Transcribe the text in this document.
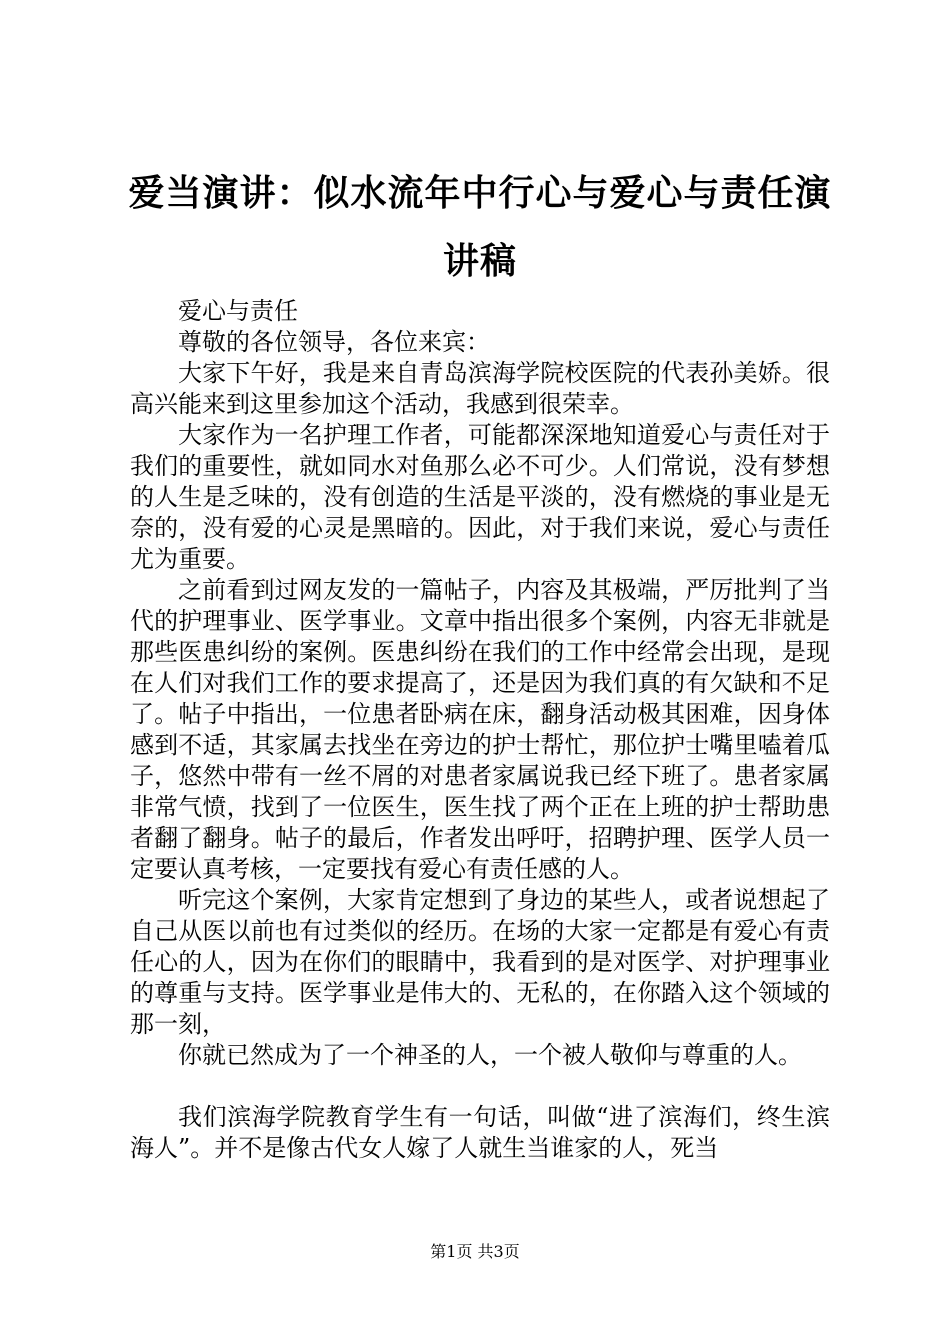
爱当演讲：似水流年中行心与爱心与责任演讲稿

爱心与责任

尊敬的各位领导，各位来宾：

大家下午好，我是来自青岛滨海学院校医院的代表孙美娇。很高兴能来到这里参加这个活动，我感到很荣幸。

大家作为一名护理工作者，可能都深深地知道爱心与责任对于我们的重要性，就如同水对鱼那么必不可少。人们常说，没有梦想的人生是乏味的，没有创造的生活是平淡的，没有燃烧的事业是无奈的，没有爱的心灵是黑暗的。因此，对于我们来说，爱心与责任尤为重要。

之前看到过网友发的一篇帖子，内容及其极端，严厉批判了当代的护理事业、医学事业。文章中指出很多个案例，内容无非就是那些医患纠纷的案例。医患纠纷在我们的工作中经常会出现，是现在人们对我们工作的要求提高了，还是因为我们真的有欠缺和不足了。帖子中指出，一位患者卧病在床，翻身活动极其困难，因身体感到不适，其家属去找坐在旁边的护士帮忙，那位护士嘴里嗑着瓜子，悠然中带有一丝不屑的对患者家属说我已经下班了。患者家属非常气愤，找到了一位医生，医生找了两个正在上班的护士帮助患者翻了翻身。帖子的最后，作者发出呼吁，招聘护理、医学人员一定要认真考核，一定要找有爱心有责任感的人。

听完这个案例，大家肯定想到了身边的某些人，或者说想起了自己从医以前也有过类似的经历。在场的大家一定都是有爱心有责任心的人，因为在你们的眼睛中，我看到的是对医学、对护理事业的尊重与支持。医学事业是伟大的、无私的，在你踏入这个领域的那一刻，

你就已然成为了一个神圣的人，一个被人敬仰与尊重的人。

我们滨海学院教育学生有一句话，叫做“进了滨海们，终生滨海人”。并不是像古代女人嫁了人就生当谁家的人，死当

第1页 共3页
